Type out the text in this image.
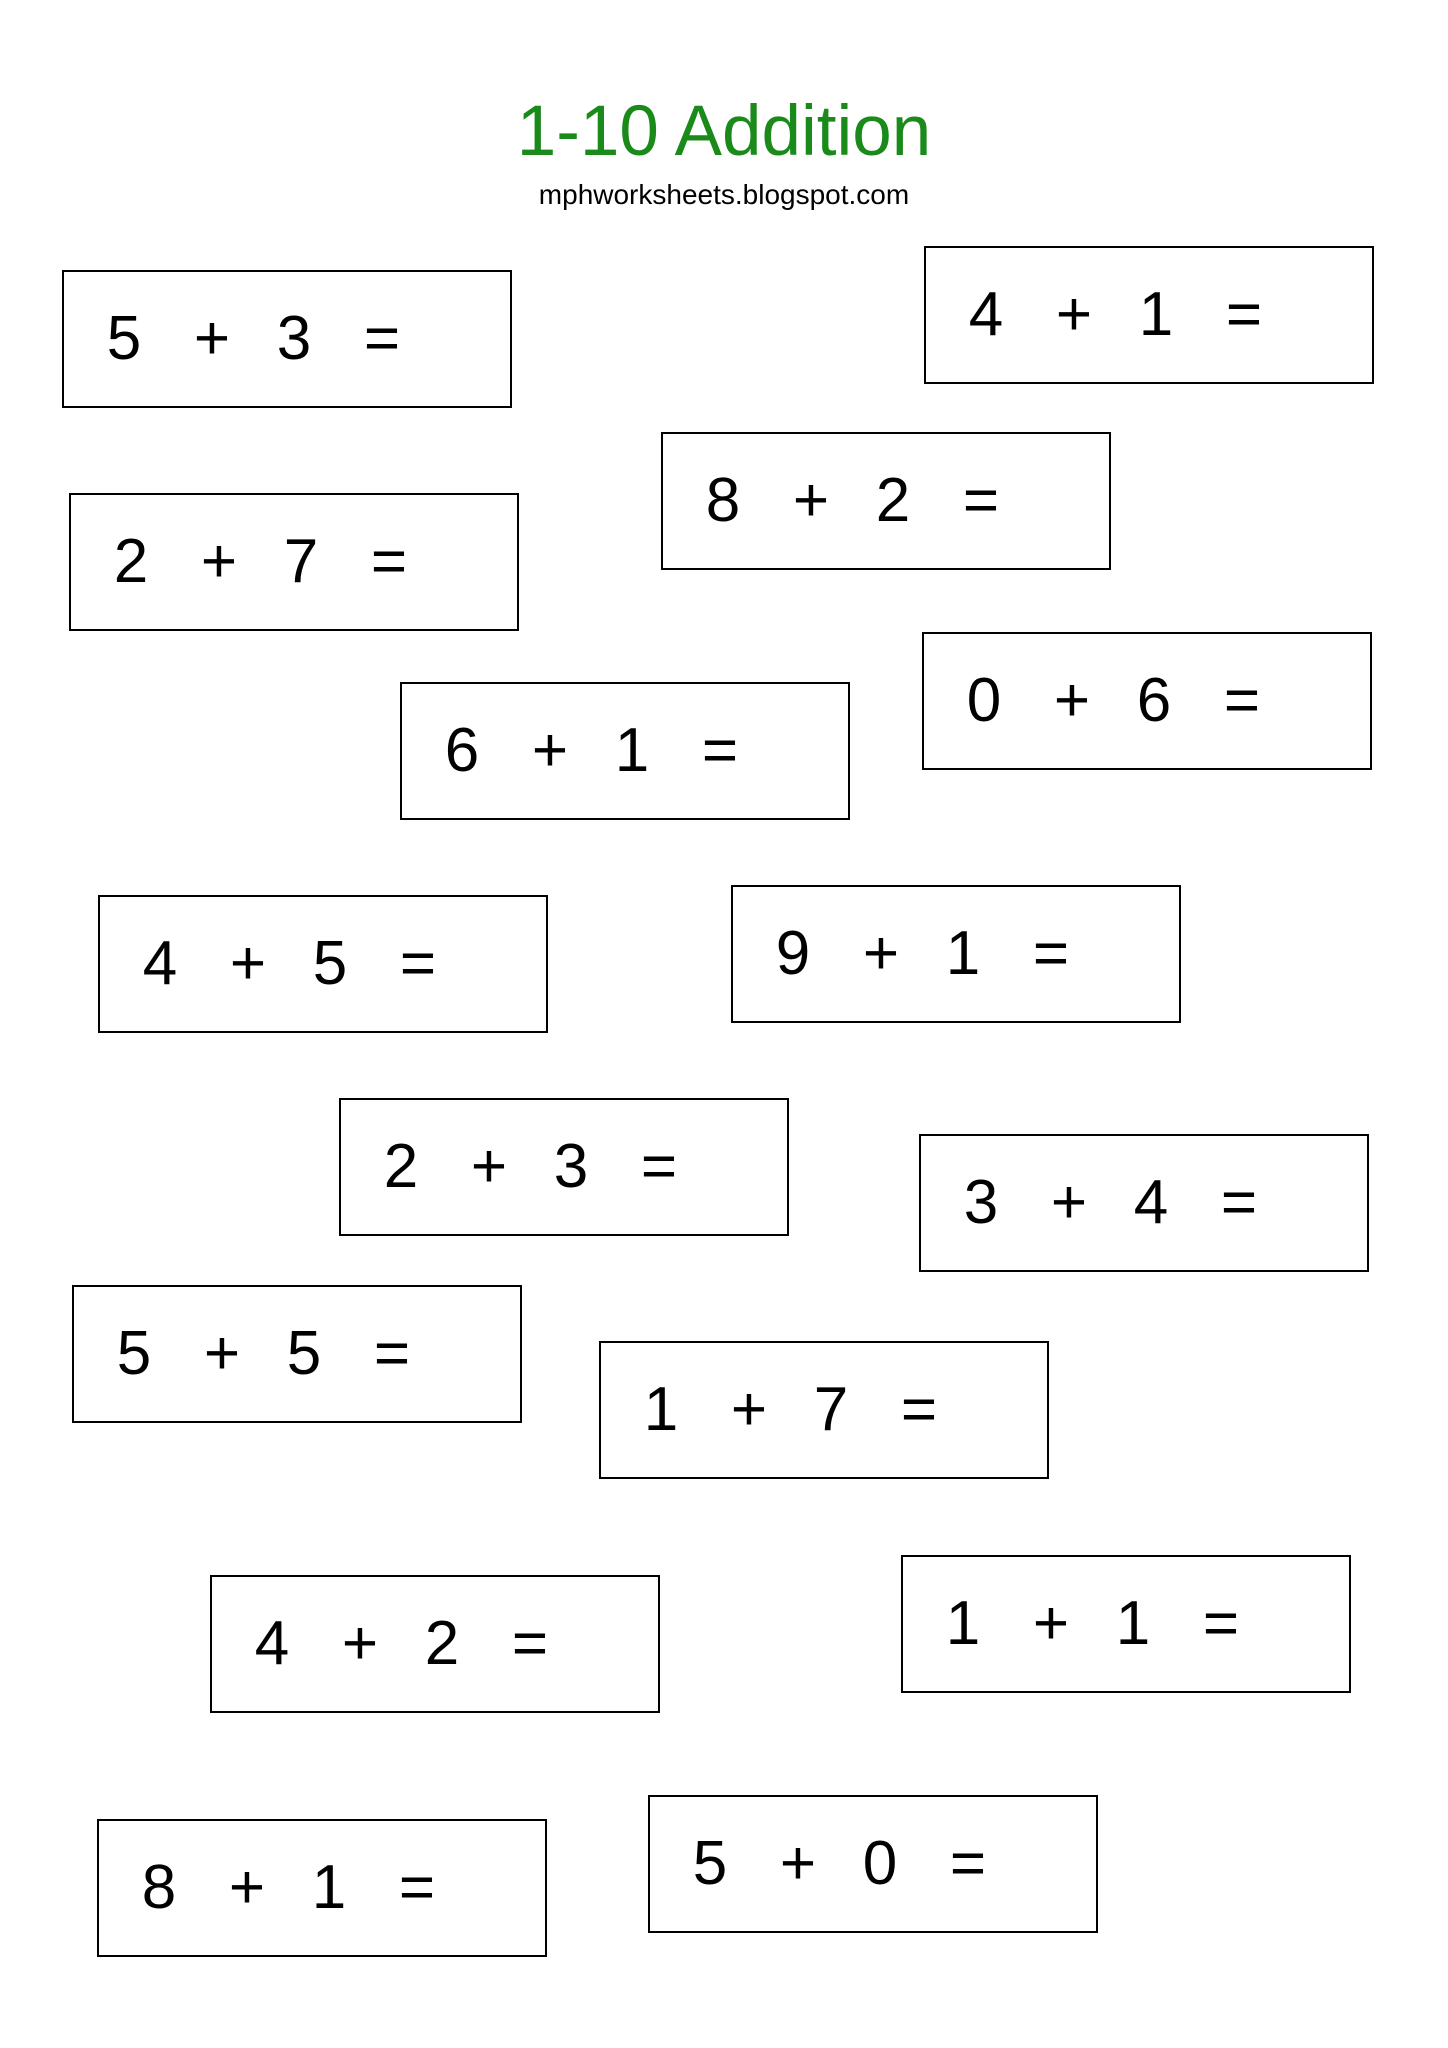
1-10 Addition
mphworksheets.blogspot.com
5 + 3 =	4 + 1 =
8 + 2 =
2 + 7 =
0 + 6 =
6 + 1 =
4 + 5 =	9 + 1 =
2 + 3 =
3 + 4 =
5 + 5 =
1 + 7 =
4 + 2 =	1 + 1 =
8 + 1 =	5 + 0 =
